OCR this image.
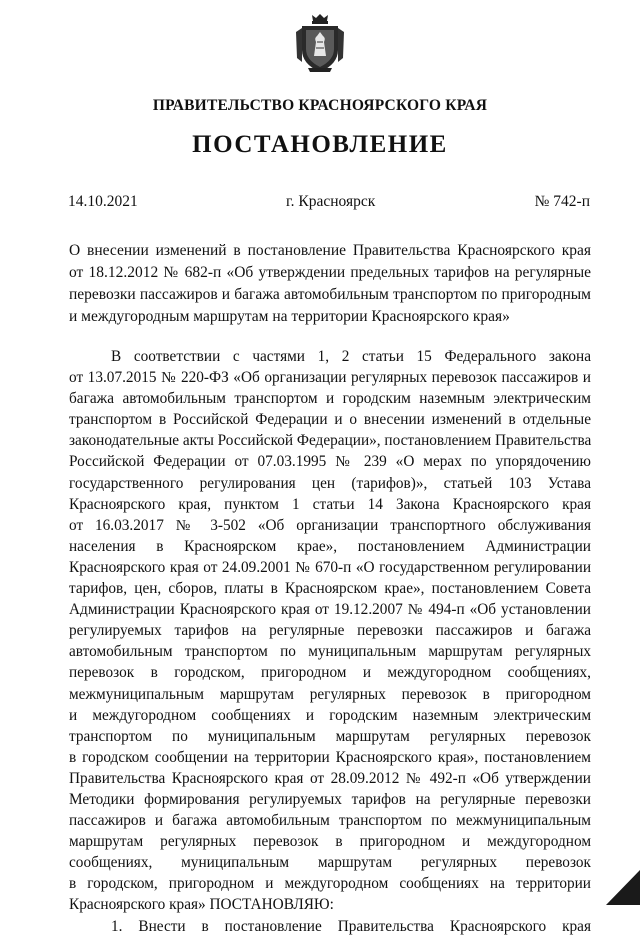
ПРАВИТЕЛЬСТВО КРАСНОЯРСКОГО КРАЯ
ПОСТАНОВЛЕНИЕ
14.10.2021	г. Красноярск	№ 742-п
О внесении изменений в постановление Правительства Красноярского края
от 18.12.2012 № 682-п «Об утверждении предельных тарифов на регулярные
перевозки пассажиров и багажа автомобильным транспортом по пригородным
и междугородным маршрутам на территории Красноярского края»
В соответствии с частями 1, 2 статьи 15 Федерального закона
от 13.07.2015 № 220-ФЗ «Об организации регулярных перевозок пассажиров и
багажа автомобильным транспортом и городским наземным электрическим
транспортом в Российской Федерации и о внесении изменений в отдельные
законодательные акты Российской Федерации», постановлением Правительства
Российской Федерации от 07.03.1995 № 239 «О мерах по упорядочению
государственного регулирования цен (тарифов)», статьей 103 Устава
Красноярского края, пунктом 1 статьи 14 Закона Красноярского края
от 16.03.2017 № 3-502 «Об организации транспортного обслуживания
населения в Красноярском крае», постановлением Администрации
Красноярского края от 24.09.2001 № 670-п «О государственном регулировании
тарифов, цен, сборов, платы в Красноярском крае», постановлением Совета
Администрации Красноярского края от 19.12.2007 № 494-п «Об установлении
регулируемых тарифов на регулярные перевозки пассажиров и багажа
автомобильным транспортом по муниципальным маршрутам регулярных
перевозок в городском, пригородном и междугородном сообщениях,
межмуниципальным маршрутам регулярных перевозок в пригородном
и междугородном сообщениях и городским наземным электрическим
транспортом по муниципальным маршрутам регулярных перевозок
в городском сообщении на территории Красноярского края», постановлением
Правительства Красноярского края от 28.09.2012 № 492-п «Об утверждении
Методики формирования регулируемых тарифов на регулярные перевозки
пассажиров и багажа автомобильным транспортом по межмуниципальным
маршрутам регулярных перевозок в пригородном и междугородном
сообщениях, муниципальным маршрутам регулярных перевозок
в городском, пригородном и междугородном сообщениях на территории
Красноярского края» ПОСТАНОВЛЯЮ:
1. Внести в постановление Правительства Красноярского края
